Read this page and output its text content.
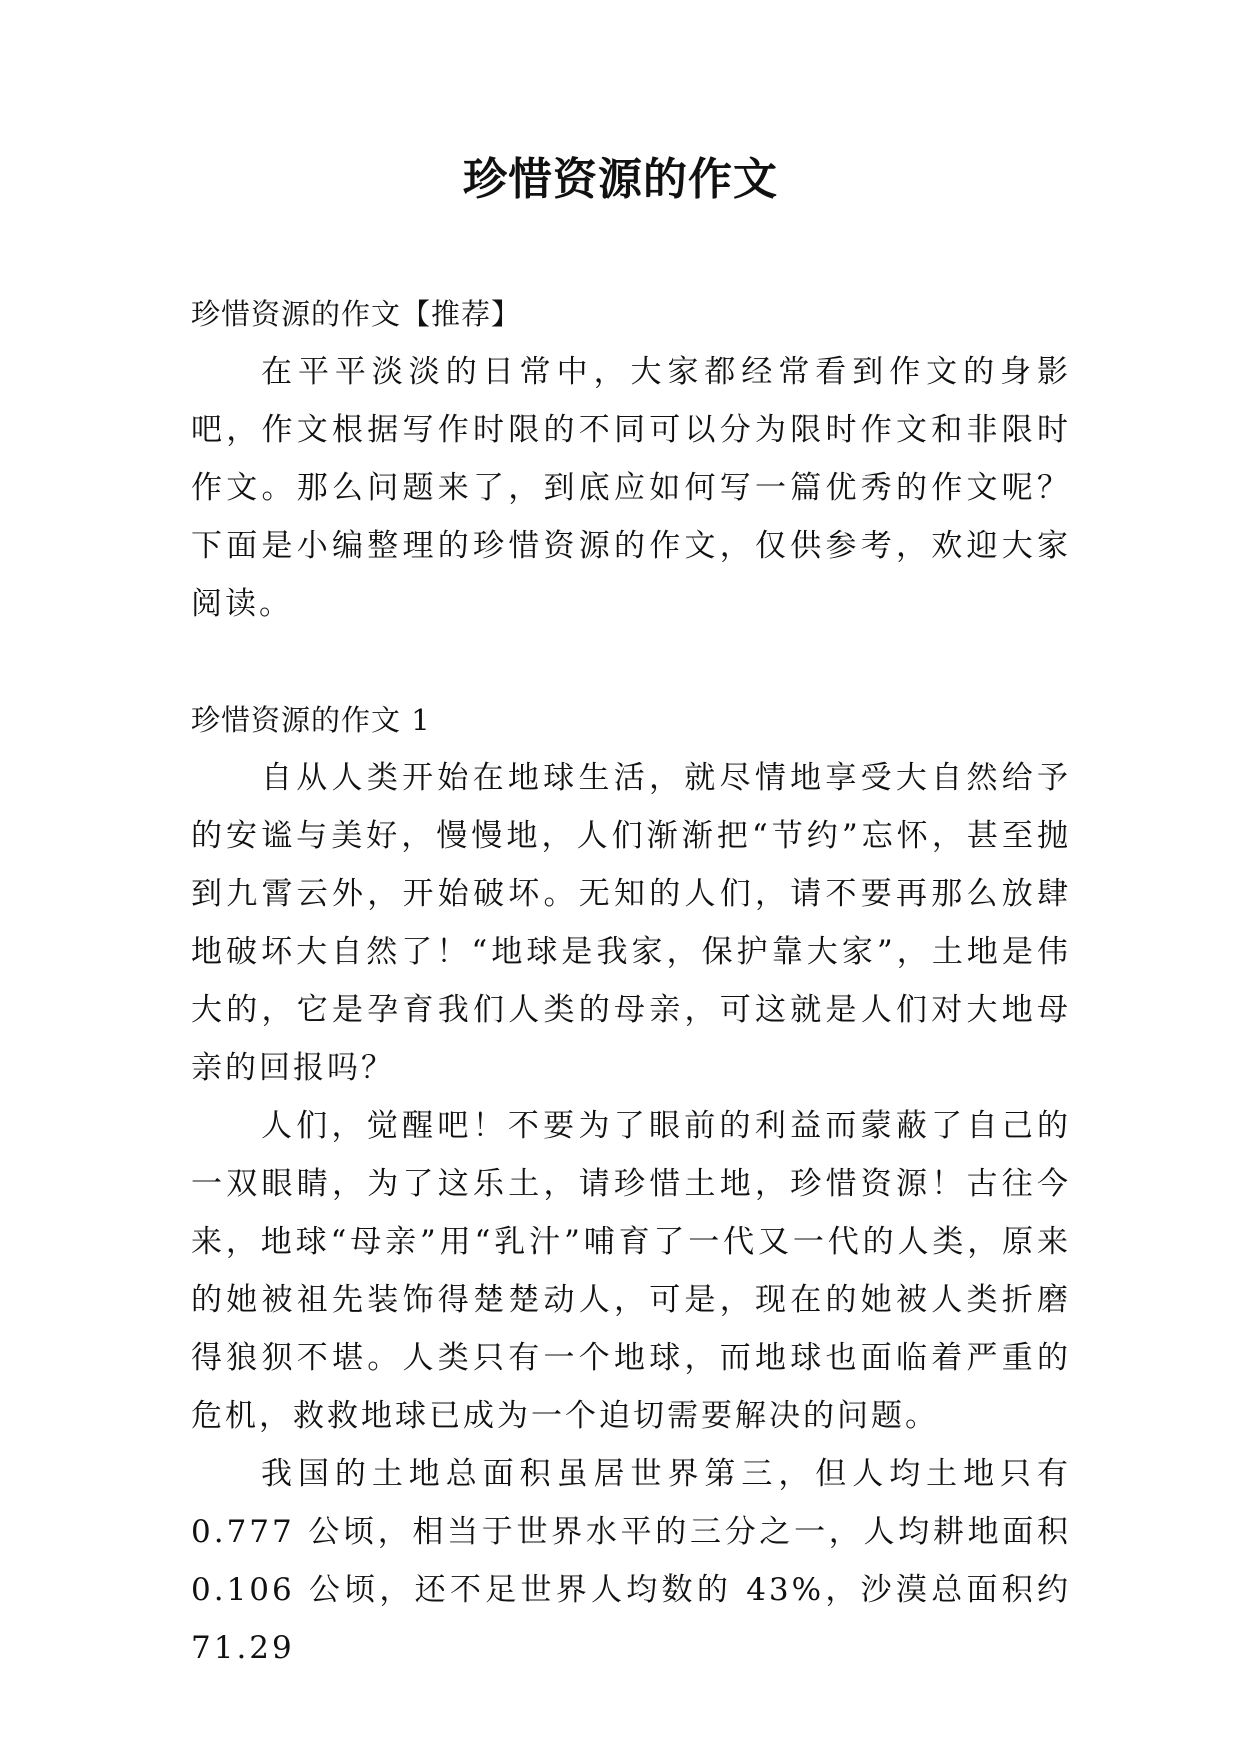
珍惜资源的作文

珍惜资源的作文【推荐】

在平平淡淡的日常中，大家都经常看到作文的身影吧，作文根据写作时限的不同可以分为限时作文和非限时作文。那么问题来了，到底应如何写一篇优秀的作文呢？下面是小编整理的珍惜资源的作文，仅供参考，欢迎大家阅读。

珍惜资源的作文 1

自从人类开始在地球生活，就尽情地享受大自然给予的安谧与美好，慢慢地，人们渐渐把“节约”忘怀，甚至抛到九霄云外，开始破坏。无知的人们，请不要再那么放肆地破坏大自然了！“地球是我家，保护靠大家”，土地是伟大的，它是孕育我们人类的母亲，可这就是人们对大地母亲的回报吗？

人们，觉醒吧！不要为了眼前的利益而蒙蔽了自己的一双眼睛，为了这乐土，请珍惜土地，珍惜资源！古往今来，地球“母亲”用“乳汁”哺育了一代又一代的人类，原来的她被祖先装饰得楚楚动人，可是，现在的她被人类折磨得狼狈不堪。人类只有一个地球，而地球也面临着严重的危机，救救地球已成为一个迫切需要解决的问题。

我国的土地总面积虽居世界第三，但人均土地只有 0.777 公顷，相当于世界水平的三分之一，人均耕地面积 0.106 公顷，还不足世界人均数的 43%，沙漠总面积约 71.29
